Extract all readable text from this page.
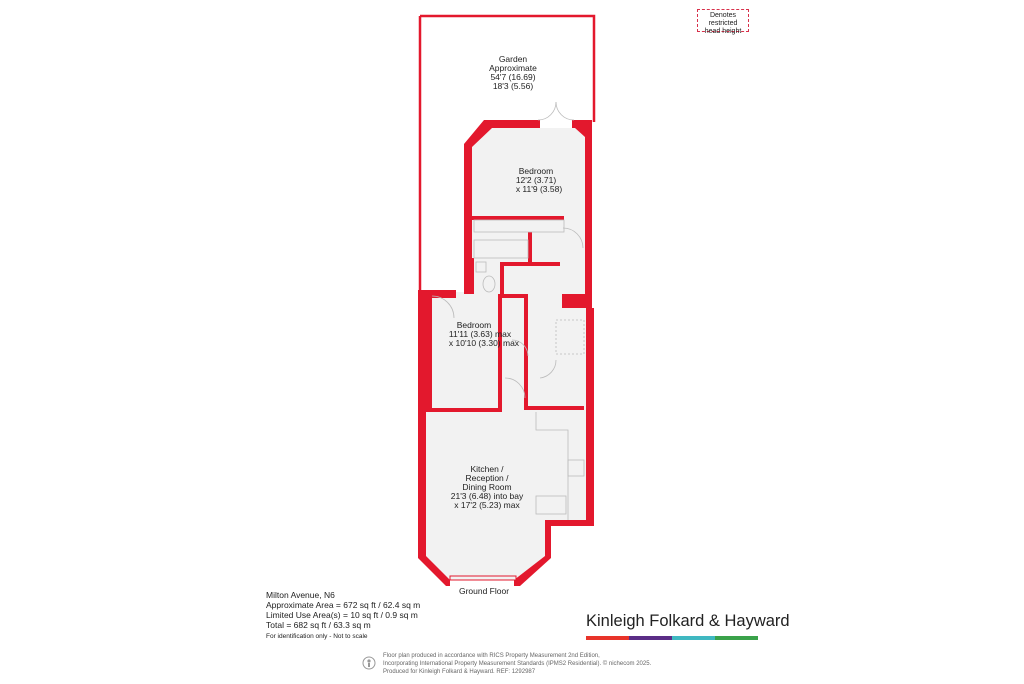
Garden
Approximate
54'7 (16.69)
18'3 (5.56)
Bedroom
12'2 (3.71)
x 11'9 (3.58)
Bedroom
11'11 (3.63) max
x 10'10 (3.30) max
Kitchen /
Reception /
Dining Room
21'3 (6.48) into bay
x 17'2 (5.23) max
Ground Floor
Denotes restricted
head height
Milton Avenue, N6
Approximate Area = 672 sq ft / 62.4 sq m
Limited Use Area(s) = 10 sq ft / 0.9 sq m
Total = 682 sq ft / 63.3 sq m
For identification only - Not to scale
Kinleigh Folkard & Hayward
Floor plan produced in accordance with RICS Property Measurement 2nd Edition,
Incorporating International Property Measurement Standards (IPMS2 Residential). © nichecom 2025.
Produced for Kinleigh Folkard & Hayward. REF: 1292987
